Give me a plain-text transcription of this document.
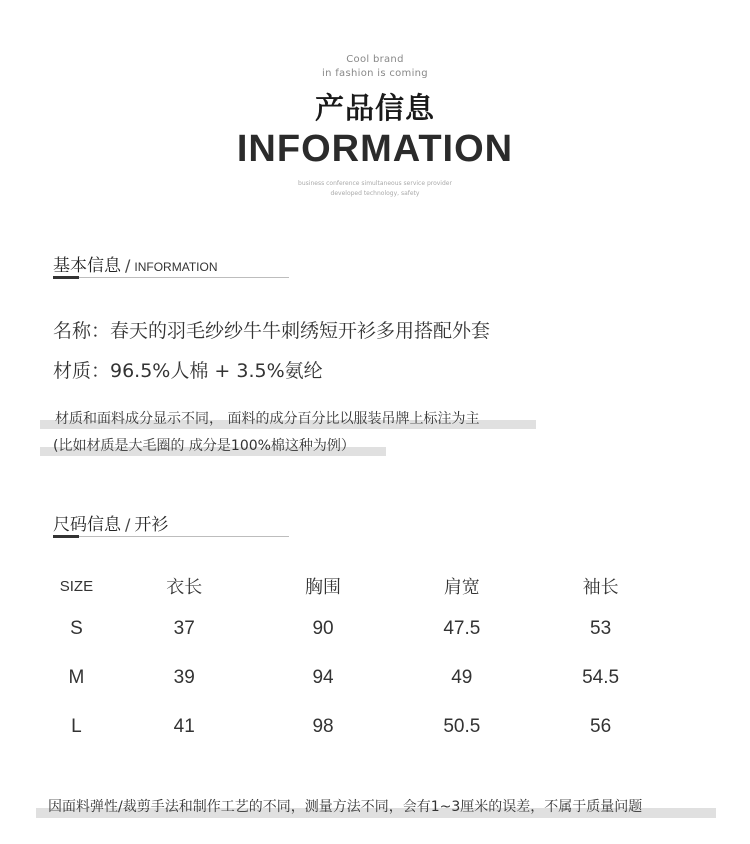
Cool brand
in fashion is coming
产品信息
INFORMATION
business conference simultaneous service provider
developed technology, safety
基本信息 / INFORMATION
名称：春天的羽毛纱纱牛牛刺绣短开衫多用搭配外套
材质：96.5%人棉 + 3.5%氨纶
材质和面料成分显示不同， 面料的成分百分比以服装吊牌上标注为主
(比如材质是大毛圈的 成分是100%棉这种为例）
尺码信息 / 开衫
SIZE	衣长	胸围	肩宽	袖长
S	37	90	47.5	53
M	39	94	49	54.5
L	41	98	50.5	56
因面料弹性/裁剪手法和制作工艺的不同，测量方法不同，会有1~3厘米的误差，不属于质量问题
